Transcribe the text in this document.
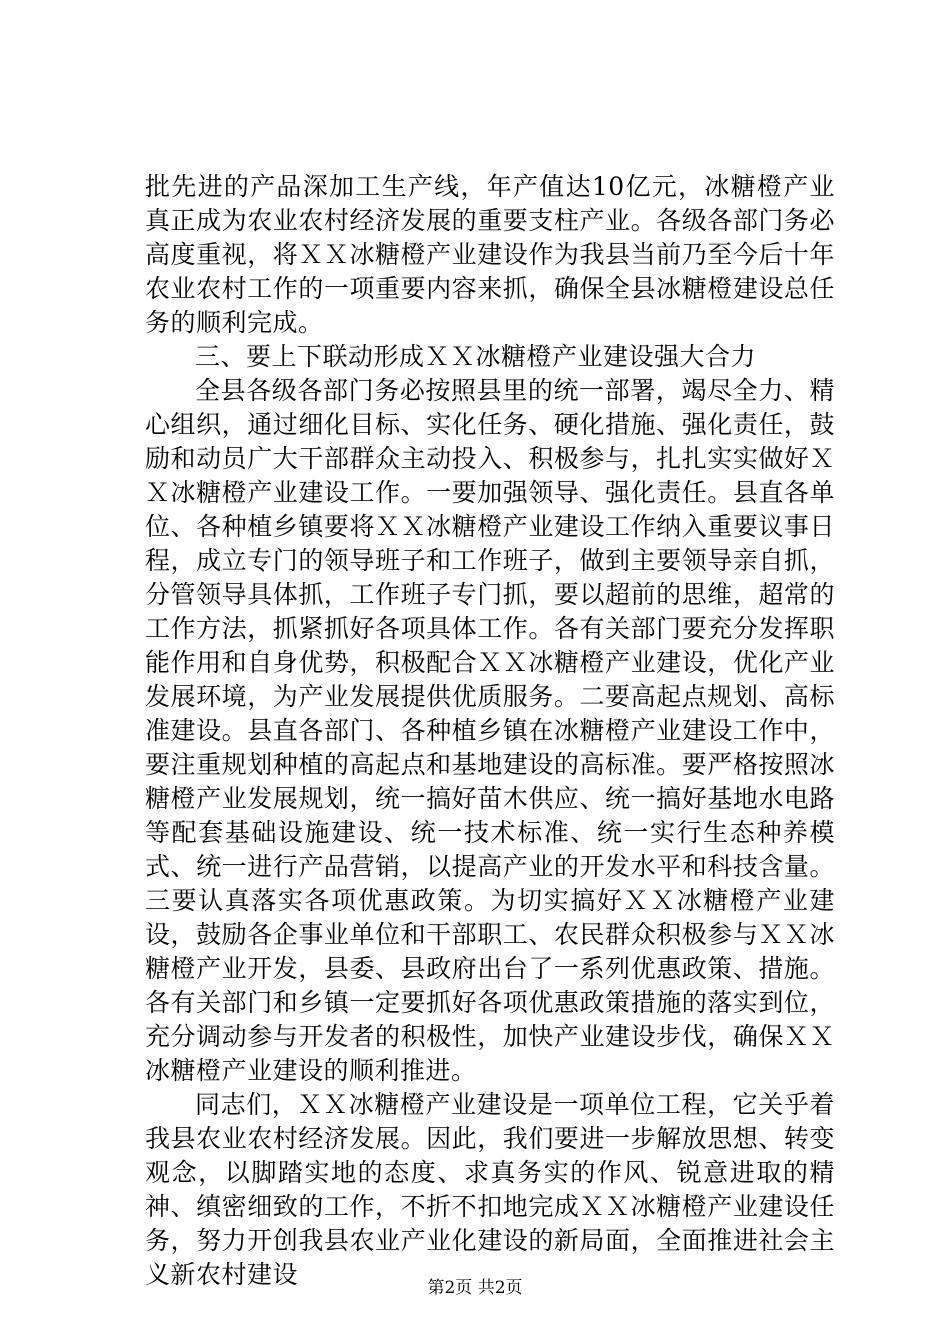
批先进的产品深加工生产线，年产值达10亿元，冰糖橙产业真正成为农业农村经济发展的重要支柱产业。各级各部门务必高度重视，将ＸＸ冰糖橙产业建设作为我县当前乃至今后十年农业农村工作的一项重要内容来抓，确保全县冰糖橙建设总任务的顺利完成。

三、要上下联动形成ＸＸ冰糖橙产业建设强大合力

全县各级各部门务必按照县里的统一部署，竭尽全力、精心组织，通过细化目标、实化任务、硬化措施、强化责任，鼓励和动员广大干部群众主动投入、积极参与，扎扎实实做好ＸＸ冰糖橙产业建设工作。一要加强领导、强化责任。县直各单位、各种植乡镇要将ＸＸ冰糖橙产业建设工作纳入重要议事日程，成立专门的领导班子和工作班子，做到主要领导亲自抓，分管领导具体抓，工作班子专门抓，要以超前的思维，超常的工作方法，抓紧抓好各项具体工作。各有关部门要充分发挥职能作用和自身优势，积极配合ＸＸ冰糖橙产业建设，优化产业发展环境，为产业发展提供优质服务。二要高起点规划、高标准建设。县直各部门、各种植乡镇在冰糖橙产业建设工作中，要注重规划种植的高起点和基地建设的高标准。要严格按照冰糖橙产业发展规划，统一搞好苗木供应、统一搞好基地水电路等配套基础设施建设、统一技术标准、统一实行生态种养模式、统一进行产品营销，以提高产业的开发水平和科技含量。三要认真落实各项优惠政策。为切实搞好ＸＸ冰糖橙产业建设，鼓励各企事业单位和干部职工、农民群众积极参与ＸＸ冰糖橙产业开发，县委、县政府出台了一系列优惠政策、措施。各有关部门和乡镇一定要抓好各项优惠政策措施的落实到位，充分调动参与开发者的积极性，加快产业建设步伐，确保ＸＸ冰糖橙产业建设的顺利推进。

同志们，ＸＸ冰糖橙产业建设是一项单位工程，它关乎着我县农业农村经济发展。因此，我们要进一步解放思想、转变观念，以脚踏实地的态度、求真务实的作风、锐意进取的精神、缜密细致的工作，不折不扣地完成ＸＸ冰糖橙产业建设任务，努力开创我县农业产业化建设的新局面，全面推进社会主义新农村建设	第2页 共2页
